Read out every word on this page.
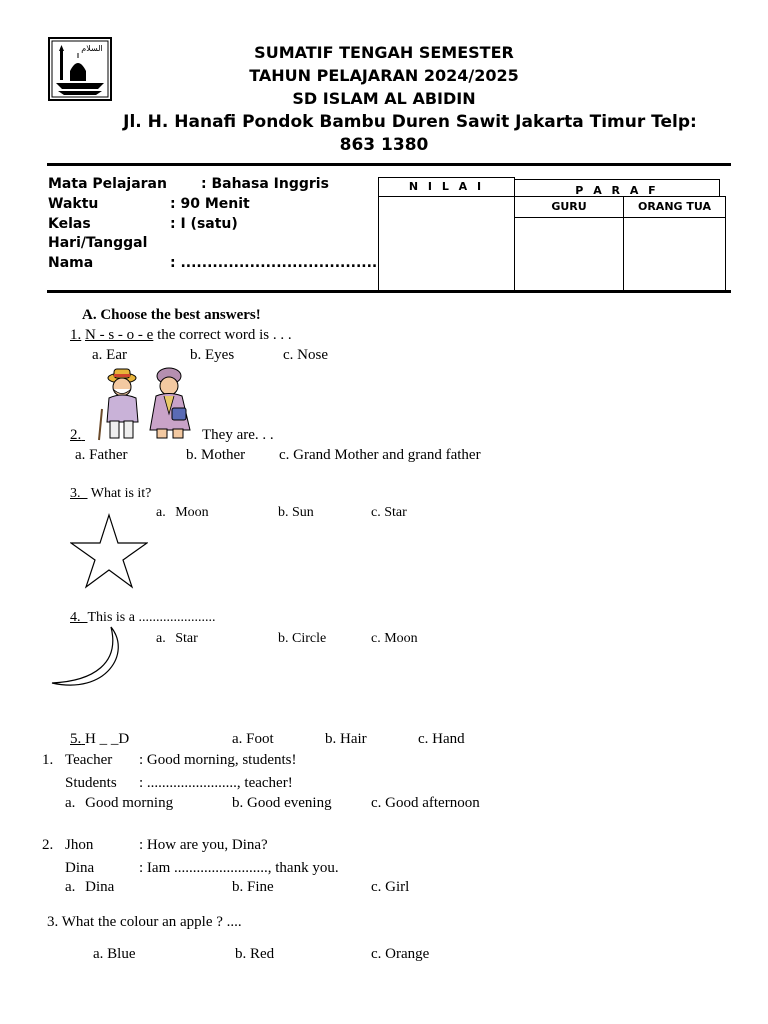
السلام	SUMATIF TENGAH SEMESTER
TAHUN PELAJARAN 2024/2025
SD ISLAM AL ABIDIN
Jl. H. Hanafi Pondok Bambu Duren Sawit Jakarta Timur Telp:
863 1380
Mata Pelajaran : Bahasa Inggris
Waktu	: 90 Menit
Kelas	: I (satu)
Hari/Tanggal
Nama	: .....................................
N I L A I	P A R A F
GURU	ORANG TUA
A. Choose the best answers!
1. N - s - o - e the correct word is . . .
a. Ear	b. Eyes	c. Nose
2.	They are. . .
a. Father	b. Mother c. Grand Mother and grand father
3. What is it?
a. Moon	b. Sun	c. Star
4. This is a ......................
a. Star	b. Circle	c. Moon
5. H _ _D	a. Foot	b. Hair	c. Hand
1. Teacher : Good morning, students!
Students : ........................, teacher!
a. Good morning	b. Good evening	c. Good afternoon
2. Jhon	: How are you, Dina?
Dina	: Iam ........................., thank you.
a. Dina	b. Fine	c. Girl
3. What the colour an apple ? ....
a. Blue	b. Red	c. Orange
